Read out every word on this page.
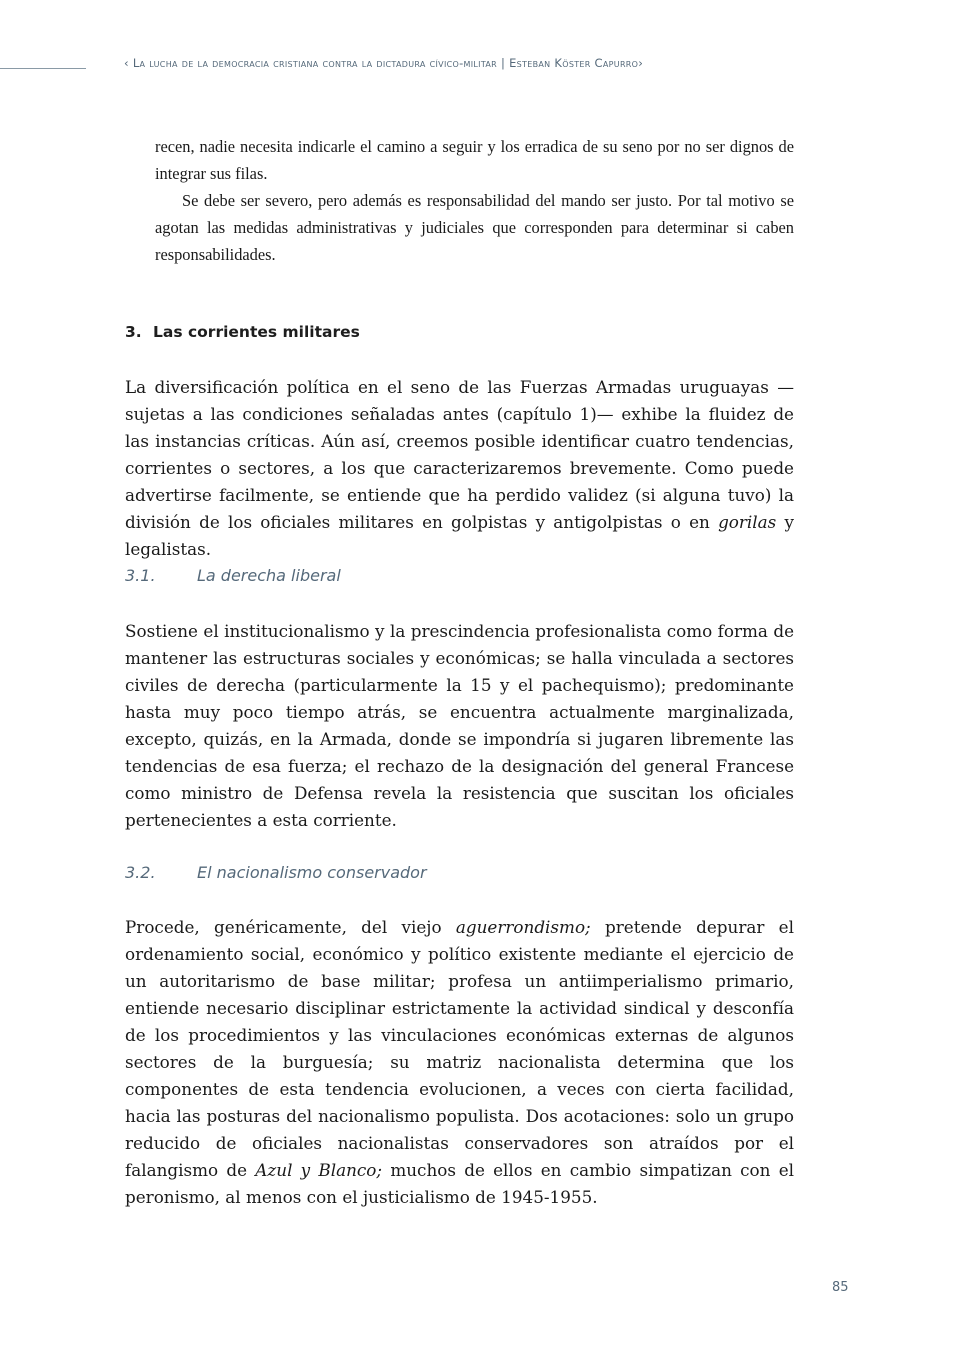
‹ La lucha de la democracia cristiana contra la dictadura cívico-militar | Esteban Köster Capurro›

recen, nadie necesita indicarle el camino a seguir y los erradica de su seno por no ser dignos de integrar sus filas.

Se debe ser severo, pero además es responsabilidad del mando ser justo. Por tal motivo se agotan las medidas administrativas y judiciales que corresponden para determinar si caben responsabilidades.

3. Las corrientes militares

La diversificación política en el seno de las Fuerzas Armadas uruguayas —sujetas a las condiciones señaladas antes (capítulo 1)— exhibe la fluidez de las instancias críticas. Aún así, creemos posible identificar cuatro tendencias, corrientes o sectores, a los que caracterizaremos brevemente. Como puede advertirse facilmente, se entiende que ha perdido validez (si alguna tuvo) la división de los oficiales militares en golpistas y antigolpistas o en gorilas y legalistas.

3.1.	La derecha liberal

Sostiene el institucionalismo y la prescindencia profesionalista como forma de mantener las estructuras sociales y económicas; se halla vinculada a sectores civiles de derecha (particularmente la 15 y el pachequismo); predominante hasta muy poco tiempo atrás, se encuentra actualmente marginalizada, excepto, quizás, en la Armada, donde se impondría si jugaren libremente las tendencias de esa fuerza; el rechazo de la designación del general Francese como ministro de Defensa revela la resistencia que suscitan los oficiales pertenecientes a esta corriente.

3.2.	El nacionalismo conservador

Procede, genéricamente, del viejo aguerrondismo; pretende depurar el ordenamiento social, económico y político existente mediante el ejercicio de un autoritarismo de base militar; profesa un antiimperialismo primario, entiende necesario disciplinar estrictamente la actividad sindical y desconfía de los procedimientos y las vinculaciones económicas externas de algunos sectores de la burguesía; su matriz nacionalista determina que los componentes de esta tendencia evolucionen, a veces con cierta facilidad, hacia las posturas del nacionalismo populista. Dos acotaciones: solo un grupo reducido de oficiales nacionalistas conservadores son atraídos por el falangismo de Azul y Blanco; muchos de ellos en cambio simpatizan con el peronismo, al menos con el justicialismo de 1945-1955.

85
